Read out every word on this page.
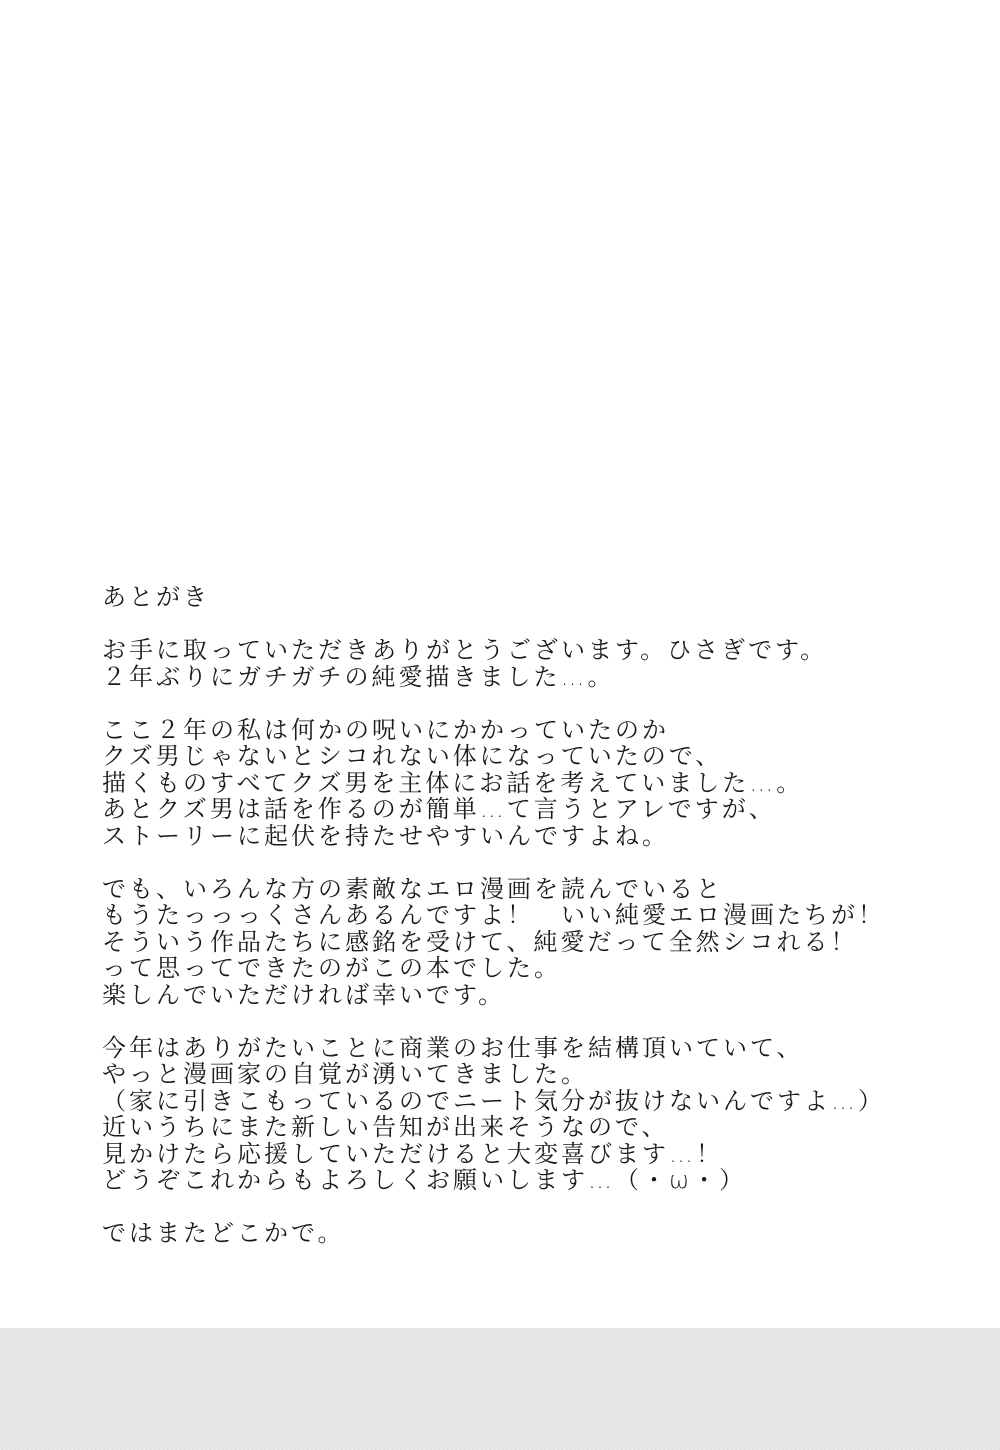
あとがき
お手に取っていただきありがとうございます。ひさぎです。
２年ぶりにガチガチの純愛描きました…。
ここ２年の私は何かの呪いにかかっていたのか
クズ男じゃないとシコれない体になっていたので、
描くものすべてクズ男を主体にお話を考えていました…。
あとクズ男は話を作るのが簡単…て言うとアレですが、
ストーリーに起伏を持たせやすいんですよね。
でも、いろんな方の素敵なエロ漫画を読んでいると
もうたっっっくさんあるんですよ！　いい純愛エロ漫画たちが！
そういう作品たちに感銘を受けて、純愛だって全然シコれる！
って思ってできたのがこの本でした。
楽しんでいただければ幸いです。
今年はありがたいことに商業のお仕事を結構頂いていて、
やっと漫画家の自覚が湧いてきました。
（家に引きこもっているのでニート気分が抜けないんですよ…）
近いうちにまた新しい告知が出来そうなので、
見かけたら応援していただけると大変喜びます…！
どうぞこれからもよろしくお願いします…（・ω・）
ではまたどこかで。
